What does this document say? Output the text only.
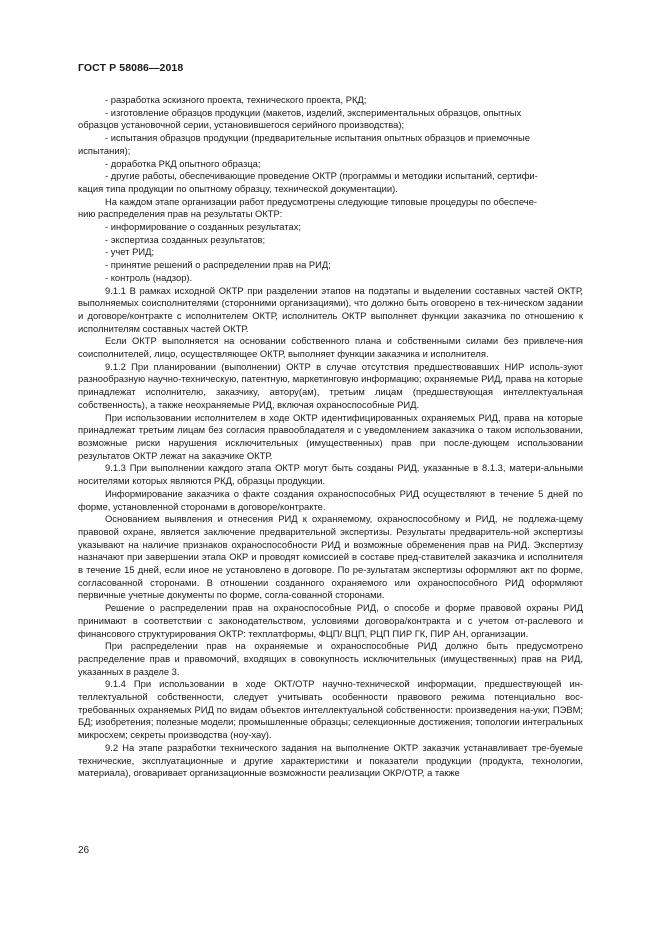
ГОСТ Р 58086—2018

- разработка эскизного проекта, технического проекта, РКД;

- изготовление образцов продукции (макетов, изделий, экспериментальных образцов, опытных

образцов установочной серии, установившегося серийного производства);

- испытания образцов продукции (предварительные испытания опытных образцов и приемочные

испытания);

- доработка РКД опытного образца;

- другие работы, обеспечивающие проведение ОКТР (программы и методики испытаний, сертифи-

кация типа продукции по опытному образцу, технической документации).

На каждом этапе организации работ предусмотрены следующие типовые процедуры по обеспече-

нию распределения прав на результаты ОКТР:

- информирование о созданных результатах;

- экспертиза созданных результатов;

- учет РИД;

- принятие решений о распределении прав на РИД;

- контроль (надзор).

9.1.1 В рамках исходной ОКТР при разделении этапов на подэтапы и выделении составных частей ОКТР, выполняемых соисполнителями (сторонними организациями), что должно быть оговорено в тех-ническом задании и договоре/контракте с исполнителем ОКТР, исполнитель ОКТР выполняет функции заказчика по отношению к исполнителям составных частей ОКТР.

Если ОКТР выполняется на основании собственного плана и собственными силами без привлече-ния соисполнителей, лицо, осуществляющее ОКТР, выполняет функции заказчика и исполнителя.

9.1.2 При планировании (выполнении) ОКТР в случае отсутствия предшествовавших НИР исполь-зуют разнообразную научно-техническую, патентную, маркетинговую информацию; охраняемые РИД, права на которые принадлежат исполнителю, заказчику, автору(ам), третьим лицам (предшествующая интеллектуальная собственность), а также неохраняемые РИД, включая охраноспособные РИД.

При использовании исполнителем в ходе ОКТР идентифицированных охраняемых РИД, права на которые принадлежат третьим лицам без согласия правообладателя и с уведомлением заказчика о таком использовании, возможные риски нарушения исключительных (имущественных) прав при после-дующем использовании результатов ОКТР лежат на заказчике ОКТР.

9.1.3 При выполнении каждого этапа ОКТР могут быть созданы РИД, указанные в 8.1.3, матери-альными носителями которых являются РКД, образцы продукции.

Информирование заказчика о факте создания охраноспособных РИД осуществляют в течение 5 дней по форме, установленной сторонами в договоре/контракте.

Основанием выявления и отнесения РИД к охраняемому, охраноспособному и РИД, не подлежа-щему правовой охране, является заключение предварительной экспертизы. Результаты предваритель-ной экспертизы указывают на наличие признаков охраноспособности РИД и возможные обременения прав на РИД. Экспертизу назначают при завершении этапа ОКР и проводят комиссией в составе пред-ставителей заказчика и исполнителя в течение 15 дней, если иное не установлено в договоре. По ре-зультатам экспертизы оформляют акт по форме, согласованной сторонами. В отношении созданного охраняемого или охраноспособного РИД оформляют первичные учетные документы по форме, согла-сованной сторонами.

Решение о распределении прав на охраноспособные РИД, о способе и форме правовой охраны РИД принимают в соответствии с законодательством, условиями договора/контракта и с учетом от-раслевого и финансового структурирования ОКТР: техплатформы, ФЦП/ ВЦП, РЦП ПИР ГК, ПИР АН, организации.

При распределении прав на охраняемые и охраноспособные РИД должно быть предусмотрено распределение прав и правомочий, входящих в совокупность исключительных (имущественных) прав на РИД, указанных в разделе 3.

9.1.4 При использовании в ходе ОКТ/ОТР научно-технической информации, предшествующей ин-теллектуальной собственности, следует учитывать особенности правового режима потенциально вос-требованных охраняемых РИД по видам объектов интеллектуальной собственности: произведения на-уки; ПЭВМ; БД; изобретения; полезные модели; промышленные образцы; селекционные достижения; топологии интегральных микросхем; секреты производства (ноу-хау).

9.2 На этапе разработки технического задания на выполнение ОКТР заказчик устанавливает тре-буемые технические, эксплуатационные и другие характеристики и показатели продукции (продукта, технологии, материала), оговаривает организационные возможности реализации ОКР/ОТР, а также

26
